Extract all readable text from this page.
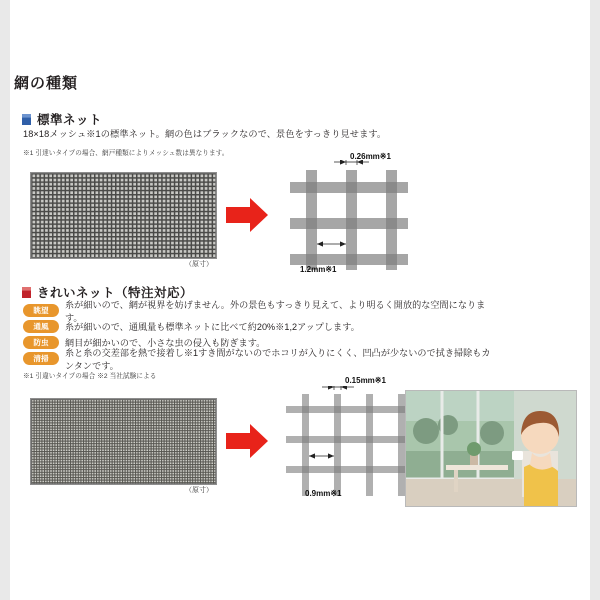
網の種類
標準ネット
18×18メッシュ※1の標準ネット。網の色はブラックなので、景色をすっきり見せます。
※1 引達いタイプの場合、網戸種類によりメッシュ数は異なります。
（原寸）
0.26mm※1
1.2mm※1
きれいネット（特注対応）
眺望
糸が細いので、網が視界を妨げません。外の景色もすっきり見えて、より明るく開放的な空間になります。
通風	糸が細いので、通風量も標準ネットに比べて約20%※1,2アップします。
防虫	網目が細かいので、小さな虫の侵入も防ぎます。
清掃
糸と糸の交差部を熱で接着し※1すき間がないのでホコリが入りにくく、凹凸が少ないので拭き掃除もカンタンです。
※1 引違いタイプの場合 ※2 当社試験による
（原寸）
0.15mm※1
0.9mm※1
